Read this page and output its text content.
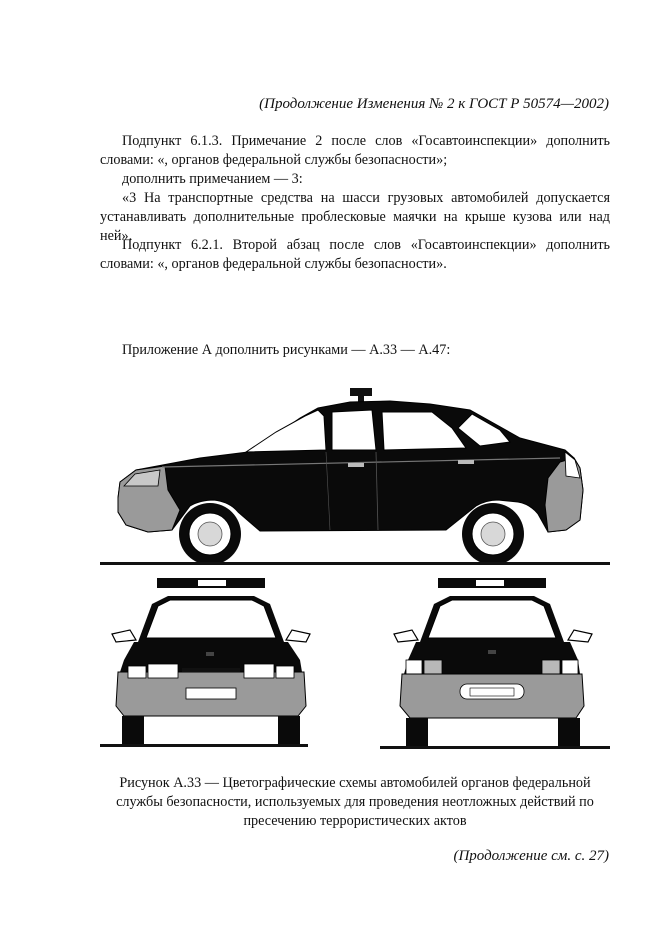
(Продолжение Изменения № 2 к ГОСТ Р 50574—2002)
Подпункт 6.1.3. Примечание 2 после слов «Госавтоинспекции» дополнить словами: «, органов федеральной службы безопасности»;
дополнить примечанием — 3:
«3 На транспортные средства на шасси грузовых автомобилей допускается устанавливать дополнительные проблесковые маячки на крыше кузова или над ней».
Подпункт 6.2.1. Второй абзац после слов «Госавтоинспекции» дополнить словами: «, органов федеральной службы безопасности».
Приложение А дополнить рисунками — А.33 — А.47:
Рисунок А.33 — Цветографические схемы автомобилей органов федеральной службы безопасности, используемых для проведения неотложных действий по пресечению террористических актов
(Продолжение см. с. 27)
